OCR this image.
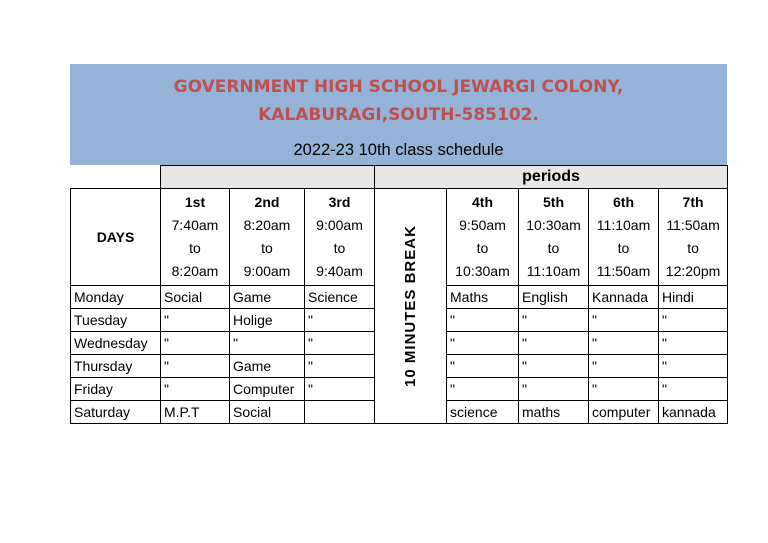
GOVERNMENT HIGH SCHOOL JEWARGI COLONY, KALABURAGI,SOUTH-585102.
2022-23 10th class schedule
				periods				
DAYS	1st
7:40am
to
8:20am	2nd
8:20am
to
9:00am	3rd
9:00am
to
9:40am	10 MINUTES BREAK	4th
9:50am
to
10:30am	5th
10:30am
to
11:10am	6th
11:10am
to
11:50am	7th
11:50am
to
12:20pm

Monday	Social	Game	Science		Maths	English	Kannada	Hindi
Tuesday	"	Holige	"		"	"	"	"
Wednesday	"	"	"		"	"	"	"
Thursday	"	Game	"		"	"	"	"
Friday	"	Computer	"		"	"	"	"
Saturday	M.P.T	Social			science	maths	computer	kannada
